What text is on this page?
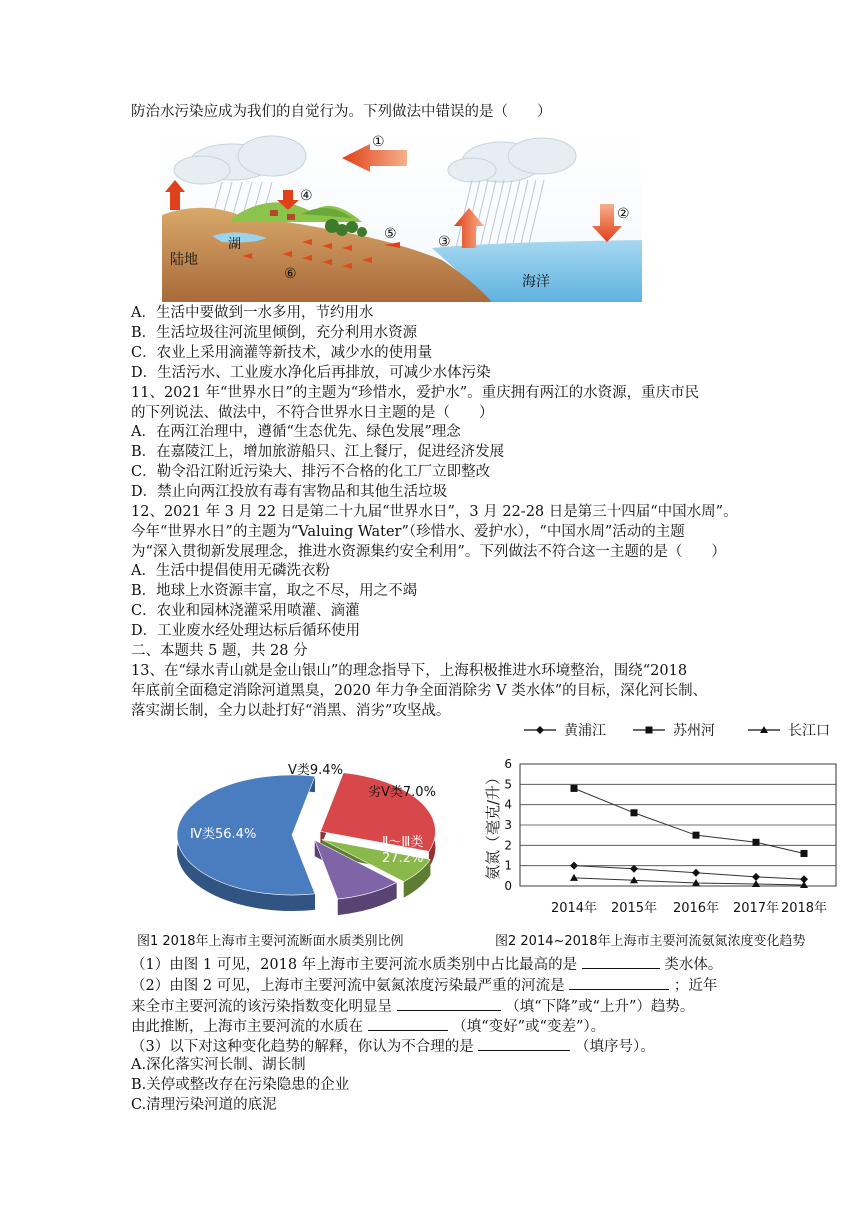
防治水污染应成为我们的自觉行为。下列做法中错误的是（　　）
①
②
③
④
⑤
⑥
陆地
湖
海洋
A．生活中要做到一水多用，节约用水
B．生活垃圾往河流里倾倒，充分利用水资源
C．农业上采用滴灌等新技术，减少水的使用量
D．生活污水、工业废水净化后再排放，可减少水体污染
11、2021 年“世界水日”的主题为“珍惜水，爱护水”。重庆拥有两江的水资源，重庆市民
的下列说法、做法中，不符合世界水日主题的是（　　）
A．在两江治理中，遵循“生态优先、绿色发展”理念
B．在嘉陵江上，增加旅游船只、江上餐厅，促进经济发展
C．勒令沿江附近污染大、排污不合格的化工厂立即整改
D．禁止向两江投放有毒有害物品和其他生活垃圾
12、2021 年 3 月 22 日是第二十九届“世界水日”，3 月 22-28 日是第三十四届“中国水周”。
今年“世界水日”的主题为“Valuing Water”（珍惜水、爱护水），“中国水周”活动的主题
为“深入贯彻新发展理念，推进水资源集约安全利用”。下列做法不符合这一主题的是（　　）
A．生活中提倡使用无磷洗衣粉
B．地球上水资源丰富，取之不尽，用之不竭
C．农业和园林浇灌采用喷灌、滴灌
D．工业废水经处理达标后循环使用
二、本题共 5 题，共 28 分
13、在“绿水青山就是金山银山”的理念指导下，上海积极推进水环境整治，围绕“2018
年底前全面稳定消除河道黑臭，2020 年力争全面消除劣 V 类水体”的目标，深化河长制、
落实湖长制，全力以赴打好“消黑、消劣”攻坚战。
Ⅳ类56.4%
Ⅱ～Ⅲ类
27.2%
劣Ⅴ类7.0%
Ⅴ类9.4%
黄浦江	苏州河	长江口
0
1
2
3
4
5
6
2014年 2015年 2016年 2017年 2018年
氨氮（毫克/升）
图1 2018年上海市主要河流断面水质类别比例	图2 2014~2018年上海市主要河流氨氮浓度变化趋势
（1）由图 1 可见，2018 年上海市主要河流水质类别中占比最高的是	类水体。
（2）由图 2 可见，上海市主要河流中氨氮浓度污染最严重的河流是	；近年
来全市主要河流的该污染指数变化明显呈	（填“下降”或“上升”）趋势。
由此推断，上海市主要河流的水质在	（填“变好”或“变差”）。
（3）以下对这种变化趋势的解释，你认为不合理的是	（填序号）。
A.深化落实河长制、湖长制
B.关停或整改存在污染隐患的企业
C.清理污染河道的底泥
